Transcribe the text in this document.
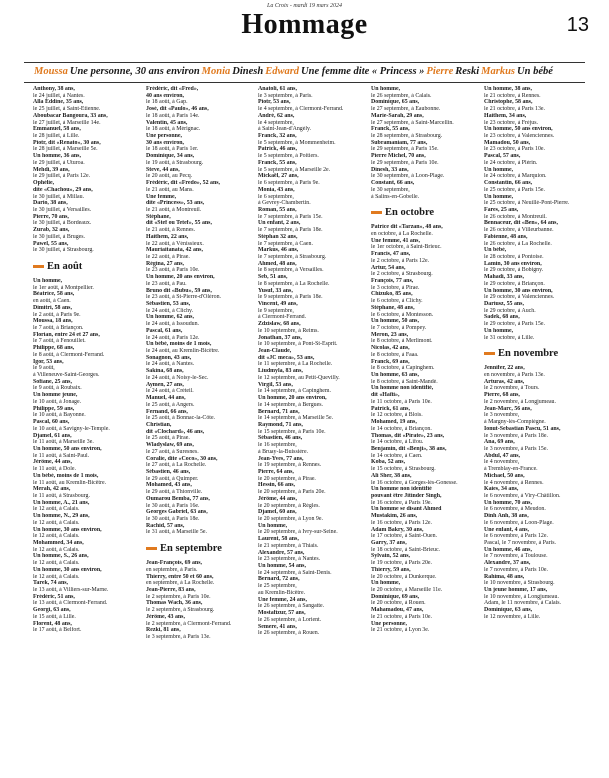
La Croix - mardi 19 mars 2024
Hommage	13
Moussa Une personne, 30 ans environ Monia Dinesh Edward Une femme dite « Princess » Pierre Reski Markus Un bébé

Anthony, 38 ans,

le 24 juillet, à Nantes.

Alla Eddine, 35 ans,

le 25 juillet, à Saint-Étienne.

Aboubacar Bangoura, 33 ans,

le 27 juillet, à Marseille 14e.

Emmanuel, 58 ans,

le 28 juillet, à Lille.

Piotr, dit «Renato», 30 ans,

le 28 juillet, à Marseille 5e.

Un homme, 36 ans,

le 29 juillet, à Uturoa.

Mehdi, 39 ans,

le 29 juillet, à Paris 12e.

Ophélie,

dite «Chachou», 29 ans,

le 30 juillet, à Millau.

Dario, 38 ans,

le 30 juillet, à Versailles.

Pierre, 70 ans,

le 30 juillet, à Bordeaux.

Zurab, 32 ans,

le 30 juillet, à Bruges.

Pawel, 55 ans,

le 30 juillet, à Strasbourg.

En août

Un homme,

le 1er août, à Montpellier.

Béatrice, 58 ans,

en août, à Caen.

Dimitri, 58 ans,

le 2 août, à Paris 9e.

Moussa, 18 ans,

le 7 août, à Briançon.

Florian, entre 24 et 27 ans,

le 7 août, à Fenouillet.

Philippe, 68 ans,

le 8 août, à Clermont-Ferrand.

Igor, 53 ans,

le 9 août,

à Villeneuve-Saint-Georges.

Sofiane, 25 ans,

le 9 août, à Roubaix.

Un homme jeune,

le 10 août, à Jonage.

Philippe, 59 ans,

le 10 août, à Bayonne.

Pascal, 60 ans,

le 10 août, à Savigny-le-Temple.

Djamel, 61 ans,

le 11 août, à Marseille 3e.

Un homme, 50 ans environ,

le 11 août, à Saint-Paul.

Jérôme, 44 ans,

le 11 août, à Dole.

Un bébé, moins de 1 mois,

le 11 août, au Kremlin-Bicêtre.

Merah, 42 ans,

le 11 août, à Strasbourg.

Un homme, A., 21 ans,

le 12 août, à Calais.

Un homme, N., 29 ans,

le 12 août, à Calais.

Un homme, 30 ans environ,

le 12 août, à Calais.

Mohammed, 34 ans,

le 12 août, à Calais.

Un homme, S., 26 ans,

le 12 août, à Calais.

Un homme, 30 ans environ,

le 12 août, à Calais.

Tarek, 74 ans,

le 13 août, à Villiers-sur-Marne.

Frédéric, 51 ans,

le 13 août, à Clermont-Ferrand.

Georgi, 63 ans,

le 15 août, à Lille.

Florent, 48 ans,

le 17 août, à Belfort.

Frédéric, dit «Fred»,

40 ans environ,

le 18 août, à Gap.

José, dit «Paulo», 46 ans,

le 18 août, à Paris 14e.

Valentin, 45 ans,

le 18 août, à Mérignac.

Une personne,

30 ans environ,

le 18 août, à Paris 1er.

Dominique, 34 ans,

le 19 août, à Strasbourg.

Steve, 44 ans,

le 20 août, au Pecq.

Frédéric, dit «Fredo», 52 ans,

le 21 août, au Mans.

Une femme,

dite «Princess», 53 ans,

le 21 août, à Montreuil.

Stéphane,

dit «Stef ou Tetef», 55 ans,

le 21 août, à Rennes.

Haithem, 22 ans,

le 22 août, à Vénissieux.

Mauriaitanata, 42 ans,

le 22 août, à Pirae.

Régina, 27 ans,

le 23 août, à Paris 10e.

Un homme, 20 ans environ,

le 23 août, à Pau.

Bruno dit «Bubu», 59 ans,

le 23 août, à St-Pierre-d'Oléron.

Sébastien, 53 ans,

le 24 août, à Clichy.

Un homme, 62 ans,

le 24 août, à Issoudun.

Pascal, 61 ans,

le 24 août, à Paris 12e.

Un bébé, moins de 1 mois,

le 24 août, au Kremlin-Bicêtre.

Sonagnon, 43 ans,

le 24 août, à Nantes.

Sakina, 68 ans,

le 24 août, à Noisy-le-Sec.

Aymen, 27 ans,

le 24 août, à Créteil.

Manuel, 44 ans,

le 25 août, à Angers.

Fernand, 66 ans,

le 25 août, à Bonnac-la-Côte.

Christian,

dit «Clochard», 46 ans,

le 25 août, à Pirae.

Wladyslaw, 69 ans,

le 27 août, à Suresnes.

Coralie, dite «Coco», 30 ans,

le 27 août, à La Rochelle.

Sébastien, 46 ans,

le 29 août, à Quimper.

Mohamed, 43 ans,

le 29 août, à Thionville.

Oumarou Bemba, 77 ans,

le 30 août, à Paris 16e.

Georges Gabriel, 63 ans,

le 30 août, à Paris 18e.

Rachid, 57 ans,

le 31 août, à Marseille 5e.

En septembre

Jean-François, 69 ans,

en septembre, à Paris.

Thierry, entre 50 et 60 ans,

en septembre, à La Rochelle.

Jean-Pierre, 83 ans,

le 2 septembre, à Paris 10e.

Thomas Wach, 36 ans,

le 2 septembre, à Strasbourg.

Jérôme, 43 ans,

le 2 septembre, à Clermont-Ferrand.

Rezki, 81 ans,

le 3 septembre, à Paris 13e.

Anatoli, 61 ans,

le 3 septembre, à Paris.

Piotr, 53 ans,

le 4 septembre, à Clermont-Ferrand.

André, 62 ans,

le 4 septembre,

à Saint-Jean-d'Angély.

Franck, 32 ans,

le 5 septembre, à Mommenheim.

Patrick, 46 ans,

le 5 septembre, à Poitiers.

Franck, 55 ans,

le 5 septembre, à Marseille 2e.

Mickaël, 27 ans,

le 6 septembre, à Paris 9e.

Monia, 43 ans,

le 6 septembre,

à Gevrey-Chambertin.

Roman, 55 ans,

le 7 septembre, à Paris 15e.

Un enfant, 2 ans,

le 7 septembre, à Paris 18e.

Stéphan 32 ans,

le 7 septembre, à Caen.

Markus, 46 ans,

le 7 septembre, à Strasbourg.

Ahmed, 48 ans,

le 8 septembre, à Versailles.

Seb, 51 ans,

le 8 septembre, à La Rochelle.

Yusuf, 33 ans,

le 9 septembre, à Paris 18e.

Vincent, 49 ans,

le 9 septembre,

à Clermont-Ferrand.

Zdzislaw, 68 ans,

le 10 septembre, à Reims.

Jonathan, 37 ans,

le 10 septembre, à Pont-St-Esprit.

Jean-Claude,

dit «JC meca», 53 ans,

le 11 septembre, à La Rochelle.

Liudmyla, 83 ans,

le 12 septembre, au Petit-Quevilly.

Virgil, 53 ans,

le 14 septembre, à Capinghem.

Un homme, 20 ans environ,

le 14 septembre, à Bergues.

Bernard, 71 ans,

le 14 septembre, à Marseille 5e.

Raymond, 71 ans,

le 15 septembre, à Paris 10e.

Sébastien, 46 ans,

le 16 septembre,

à Bruay-la-Buissière.

Jean-Yves, 77 ans,

le 19 septembre, à Rennes.

Pierre, 64 ans,

le 20 septembre, à Pirae.

Hessin, 66 ans,

le 20 septembre, à Paris 20e.

Jérôme, 44 ans,

le 20 septembre, à Régles.

Djamel, 60 ans,

le 20 septembre, à Lyon 9e.

Un homme,

le 20 septembre, à Ivry-sur-Seine.

Laurent, 58 ans,

le 21 septembre, à Thiais.

Alexandre, 57 ans,

le 23 septembre, à Nantes.

Un homme, 54 ans,

le 24 septembre, à Saint-Denis.

Bernard, 72 ans,

le 25 septembre,

au Kremlin-Bicêtre.

Une femme, 24 ans,

le 26 septembre, à Sangatte.

Mostafizur, 57 ans,

le 26 septembre, à Lorient.

Semere, 41 ans,

le 26 septembre, à Rouen.

Un homme,

le 26 septembre, à Calais.

Dominique, 65 ans,

le 27 septembre, à Eaubonne.

Marie-Sarah, 29 ans,

le 27 septembre, à Saint-Marcellin.

Franck, 55 ans,

le 28 septembre, à Strasbourg.

Subramaniam, 77 ans,

le 29 septembre, à Paris 15e.

Pierre Michel, 70 ans,

le 29 septembre, à Paris 10e.

Dinesh, 33 ans,

le 30 septembre, à Loon-Plage.

Constant, 66 ans,

le 30 septembre,

à Salins-en-Gobelle.

En octobre

Patrice dit «Tarzan», 48 ans,

en octobre, à La Rochelle.

Une femme, 41 ans,

le 1er octobre, à Saint-Brieuc.

Francis, 47 ans,

le 2 octobre, à Paris 12e.

Artur, 54 ans,

le 2 octobre, à Strasbourg.

François, 77 ans,

le 3 octobre, à Pirae.

Chizuko, 85 ans,

le 6 octobre, à Clichy.

Stéphane, 48 ans,

le 6 octobre, à Montesson.

Un homme, 50 ans,

le 7 octobre, à Pompey.

Meron, 23 ans,

le 8 octobre, à Merlimont.

Nicolas, 42 ans,

le 8 octobre, à Faaa.

Franck, 69 ans,

le 8 octobre, à Capinghem.

Un homme, 63 ans,

le 8 octobre, à Saint-Mandé.

Un homme non identifié,

dit «Haïti»,

le 11 octobre, à Paris 10e.

Patrick, 61 ans,

le 12 octobre, à Blois.

Mohamed, 19 ans,

le 14 octobre, à Briançon.

Thomas, dit «Pirate», 23 ans,

le 14 octobre, à Lifou.

Benjamin, dit «Benji», 38 ans,

le 14 octobre, à Caen.

Koba, 52 ans,

le 15 octobre, à Strasbourg.

Ali Sher, 38 ans,

le 16 octobre, à Gorges-lès-Gonesse.

Un homme non identifié

pouvant être Jitinder Singh,

le 16 octobre, à Paris 19e.

Un homme se disant Ahmed

Mustakim, 26 ans,

le 16 octobre, à Paris 12e.

Adam Bakry, 30 ans,

le 17 octobre, à Saint-Ouen.

Garry, 37 ans,

le 18 octobre, à Saint-Brieuc.

Sylvain, 52 ans,

le 19 octobre, à Paris 20e.

Thierry, 59 ans,

le 20 octobre, à Dunkerque.

Un homme,

le 20 octobre, à Marseille 11e.

Dominique, 69 ans,

le 20 octobre, à Rouen.

Mahamadou, 47 ans,

le 21 octobre, à Paris 10e.

Une personne,

le 21 octobre, à Lyon 3e.

Un homme, 38 ans,

le 21 octobre, à Rennes.

Christophe, 58 ans,

le 21 octobre, à Paris 13e.

Haithem, 34 ans,

le 23 octobre, à Fréjus.

Un homme, 50 ans environ,

le 23 octobre, à Valenciennes.

Mamadou, 50 ans,

le 23 octobre, à Paris 10e.

Pascal, 57 ans,

le 24 octobre, à Plérin.

Un homme,

le 24 octobre, à Marquion.

Constantin, 66 ans,

le 25 octobre, à Paris 15e.

Un homme,

le 25 octobre, à Neuillé-Pont-Pierre.

Fares, 25 ans,

le 26 octobre, à Montreuil.

Bennaceur, dit «Ben», 64 ans,

le 26 octobre, à Villeurbanne.

Fabienne, 48 ans,

le 26 octobre, à La Rochelle.

Un bébé,

le 28 octobre, à Pontoise.

Lamin, 30 ans environ,

le 29 octobre, à Bobigny.

Mahadi, 33 ans,

le 29 octobre, à Briançon.

Un homme, 30 ans environ,

le 29 octobre, à Valenciennes.

Dariusz, 55 ans,

le 29 octobre, à Auch.

Sadek, 68 ans,

le 29 octobre, à Paris 15e.

Un homme,

le 31 octobre, à Lille.

En novembre

Jennifer, 22 ans,

en novembre, à Paris 13e.

Arturas, 42 ans,

le 2 novembre, à Tours.

Pierre, 68 ans,

le 2 novembre, à Longjumeau.

Jean-Marc, 56 ans,

le 3 novembre,

à Margny-lès-Compiègne.

Ionut-Sebastian Pascu, 51 ans,

le 3 novembre, à Paris 18e.

Ana, 69 ans,

le 3 novembre, à Paris 15e.

Abdul, 47 ans,

le 4 novembre,

à Tremblay-en-France.

Michael, 50 ans,

le 4 novembre, à Rennes.

Kaies, 34 ans,

le 6 novembre, à Viry-Châtillon.

Un homme, 70 ans,

le 6 novembre, à Meudon.

Dinh Anh, 38 ans,

le 6 novembre, à Loon-Plage.

Une enfant, 4 ans,

le 6 novembre, à Paris 12e.

Pascal, le 7 novembre, à Paris.

Un homme, 46 ans,

le 7 novembre, à Toulouse.

Alexandre, 37 ans,

le 7 novembre, à Paris 10e.

Rahima, 48 ans,

le 10 novembre, à Strasbourg.

Un jeune homme, 17 ans,

le 10 novembre, à Longjumeau.

Adam, le 11 novembre, à Calais.

Dominique, 63 ans,

le 12 novembre, à Lille.
